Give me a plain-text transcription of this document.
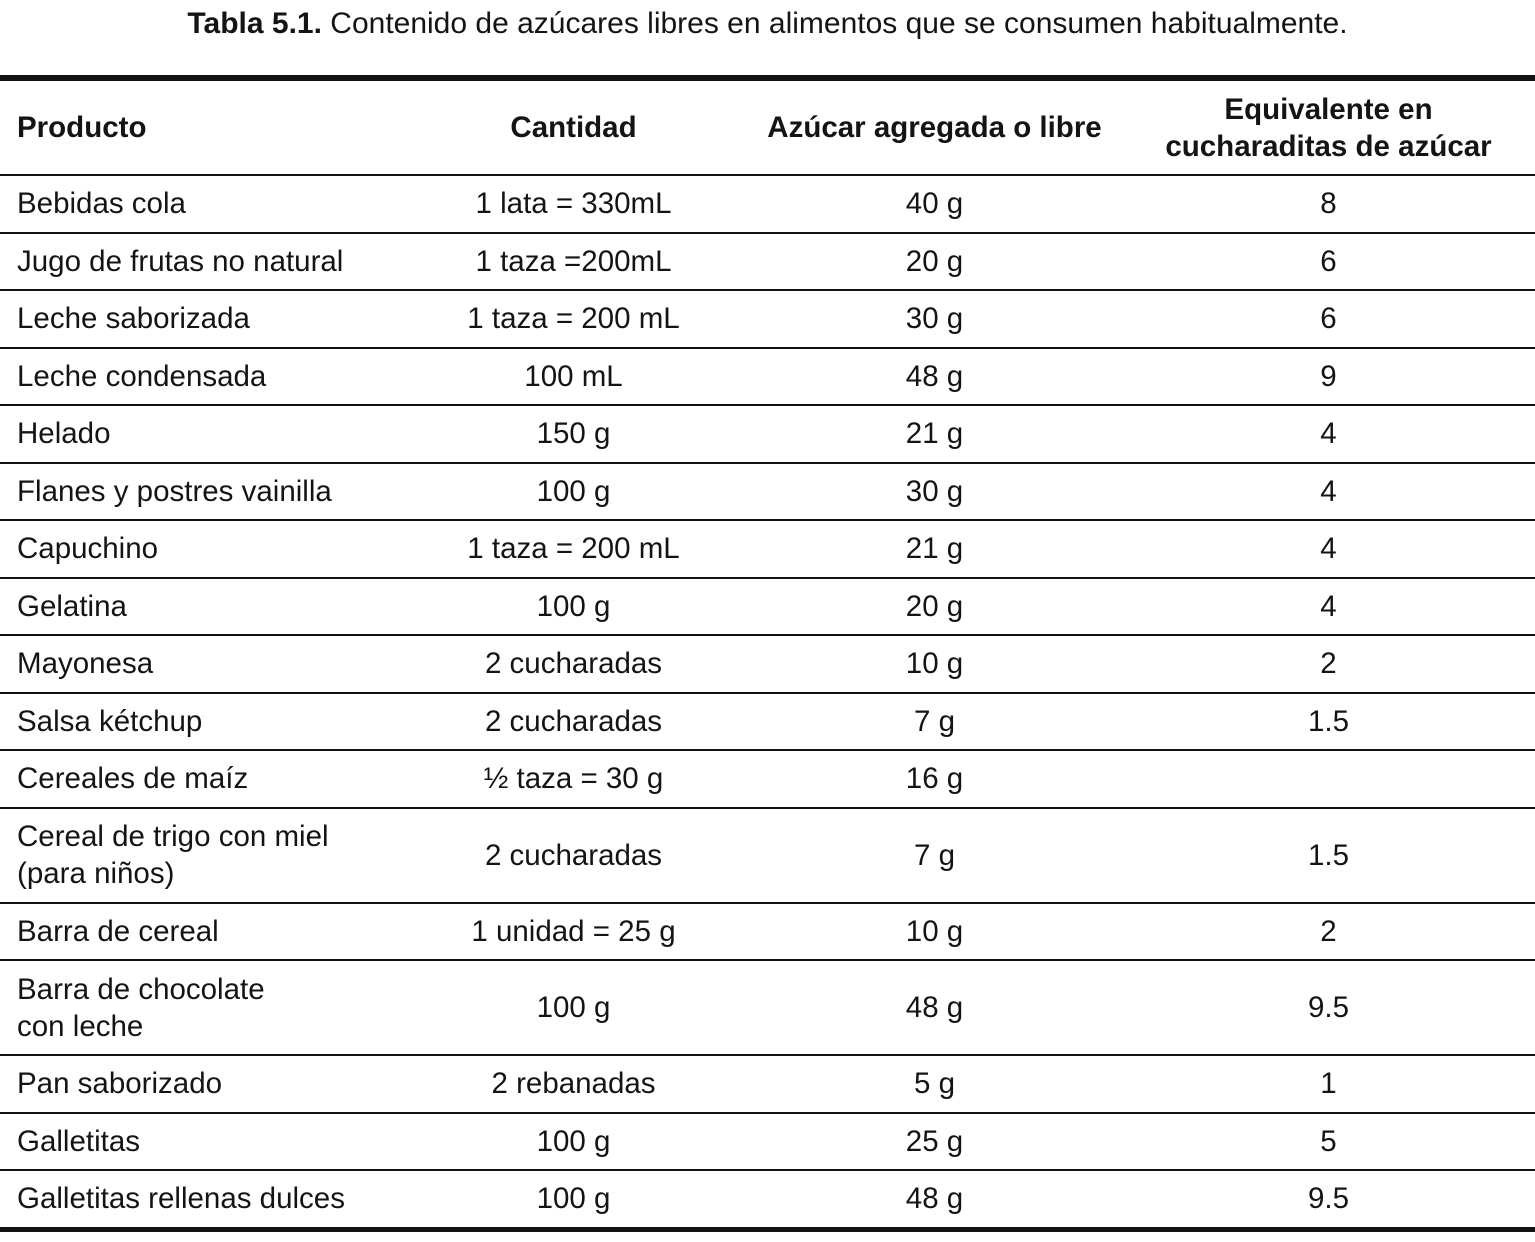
Tabla 5.1. Contenido de azúcares libres en alimentos que se consumen habitualmente.
Producto	Cantidad	Azúcar agregada o libre	Equivalente en
cucharaditas de azúcar
Bebidas cola	1 lata = 330mL	40 g	8
Jugo de frutas no natural	1 taza =200mL	20 g	6
Leche saborizada	1 taza = 200 mL	30 g	6
Leche condensada	100 mL	48 g	9
Helado	150 g	21 g	4
Flanes y postres vainilla	100 g	30 g	4
Capuchino	1 taza = 200 mL	21 g	4
Gelatina	100 g	20 g	4
Mayonesa	2 cucharadas	10 g	2
Salsa kétchup	2 cucharadas	7 g	1.5
Cereales de maíz	½ taza = 30 g	16 g	
Cereal de trigo con miel
(para niños)	2 cucharadas	7 g	1.5
Barra de cereal	1 unidad = 25 g	10 g	2
Barra de chocolate
con leche	100 g	48 g	9.5
Pan saborizado	2 rebanadas	5 g	1
Galletitas	100 g	25 g	5
Galletitas rellenas dulces	100 g	48 g	9.5
